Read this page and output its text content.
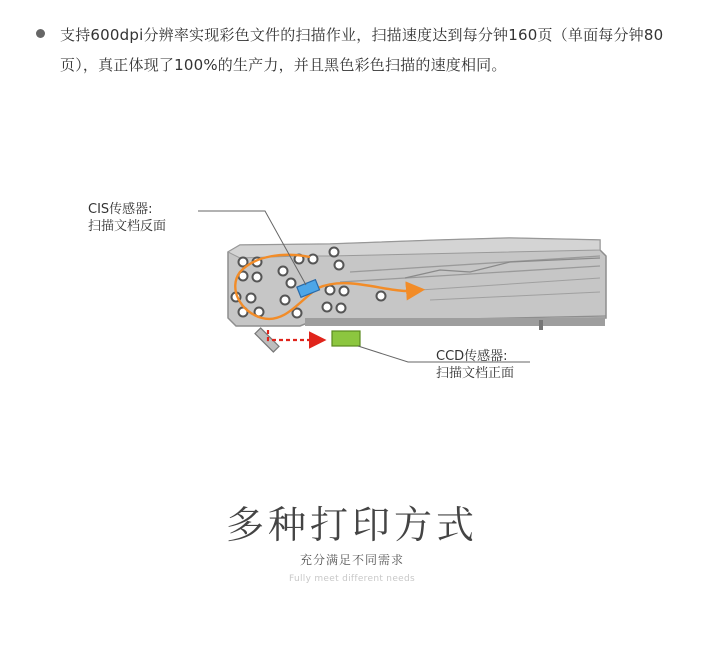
支持600dpi分辨率实现彩色文件的扫描作业，扫描速度达到每分钟160页（单面每分钟80页），真正体现了100%的生产力，并且黑色彩色扫描的速度相同。
CIS传感器:
扫描文档反面
CCD传感器:
扫描文档正面
多种打印方式
充分满足不同需求
Fully meet different needs
